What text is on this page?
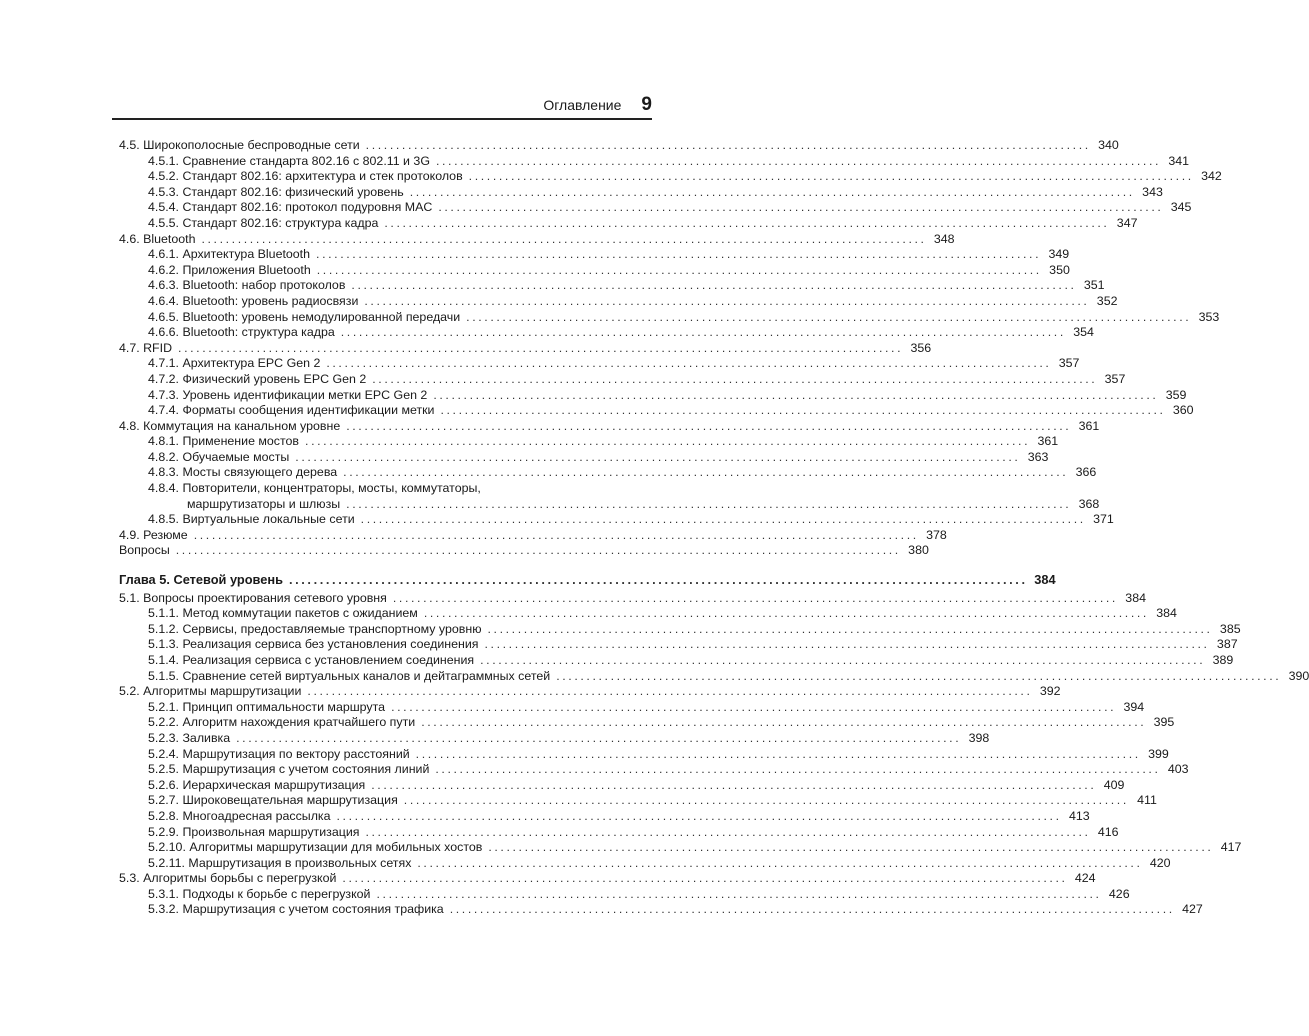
Оглавление 9
4.5. Широкополосные беспроводные сети ........................................................................................................................ 340
4.5.1. Сравнение стандарта 802.16 с 802.11 и 3G ........................................................................................................................ 341
4.5.2. Стандарт 802.16: архитектура и стек протоколов ........................................................................................................................ 342
4.5.3. Стандарт 802.16: физический уровень ........................................................................................................................ 343
4.5.4. Стандарт 802.16: протокол подуровня MAC ........................................................................................................................ 345
4.5.5. Стандарт 802.16: структура кадра ........................................................................................................................ 347
4.6. Bluetooth ........................................................................................................................ 348
4.6.1. Архитектура Bluetooth ........................................................................................................................ 349
4.6.2. Приложения Bluetooth ........................................................................................................................ 350
4.6.3. Bluetooth: набор протоколов ........................................................................................................................ 351
4.6.4. Bluetooth: уровень радиосвязи ........................................................................................................................ 352
4.6.5. Bluetooth: уровень немодулированной передачи ........................................................................................................................ 353
4.6.6. Bluetooth: структура кадра ........................................................................................................................ 354
4.7. RFID ........................................................................................................................ 356
4.7.1. Архитектура EPC Gen 2 ........................................................................................................................ 357
4.7.2. Физический уровень EPC Gen 2 ........................................................................................................................ 357
4.7.3. Уровень идентификации метки EPC Gen 2 ........................................................................................................................ 359
4.7.4. Форматы сообщения идентификации метки ........................................................................................................................ 360
4.8. Коммутация на канальном уровне ........................................................................................................................ 361
4.8.1. Применение мостов ........................................................................................................................ 361
4.8.2. Обучаемые мосты ........................................................................................................................ 363
4.8.3. Мосты связующего дерева ........................................................................................................................ 366
4.8.4. Повторители, концентраторы, мосты, коммутаторы,
маршрутизаторы и шлюзы ........................................................................................................................ 368
4.8.5. Виртуальные локальные сети ........................................................................................................................ 371
4.9. Резюме ........................................................................................................................ 378
Вопросы ........................................................................................................................ 380
Глава 5. Сетевой уровень ........................................................................................................................ 384
5.1. Вопросы проектирования сетевого уровня ........................................................................................................................ 384
5.1.1. Метод коммутации пакетов с ожиданием ........................................................................................................................ 384
5.1.2. Сервисы, предоставляемые транспортному уровню ........................................................................................................................ 385
5.1.3. Реализация сервиса без установления соединения ........................................................................................................................ 387
5.1.4. Реализация сервиса с установлением соединения ........................................................................................................................ 389
5.1.5. Сравнение сетей виртуальных каналов и дейтаграммных сетей ........................................................................................................................ 390
5.2. Алгоритмы маршрутизации ........................................................................................................................ 392
5.2.1. Принцип оптимальности маршрута ........................................................................................................................ 394
5.2.2. Алгоритм нахождения кратчайшего пути ........................................................................................................................ 395
5.2.3. Заливка ........................................................................................................................ 398
5.2.4. Маршрутизация по вектору расстояний ........................................................................................................................ 399
5.2.5. Маршрутизация с учетом состояния линий ........................................................................................................................ 403
5.2.6. Иерархическая маршрутизация ........................................................................................................................ 409
5.2.7. Широковещательная маршрутизация ........................................................................................................................ 411
5.2.8. Многоадресная рассылка ........................................................................................................................ 413
5.2.9. Произвольная маршрутизация ........................................................................................................................ 416
5.2.10. Алгоритмы маршрутизации для мобильных хостов ........................................................................................................................ 417
5.2.11. Маршрутизация в произвольных сетях ........................................................................................................................ 420
5.3. Алгоритмы борьбы с перегрузкой ........................................................................................................................ 424
5.3.1. Подходы к борьбе с перегрузкой ........................................................................................................................ 426
5.3.2. Маршрутизация с учетом состояния трафика ........................................................................................................................ 427
